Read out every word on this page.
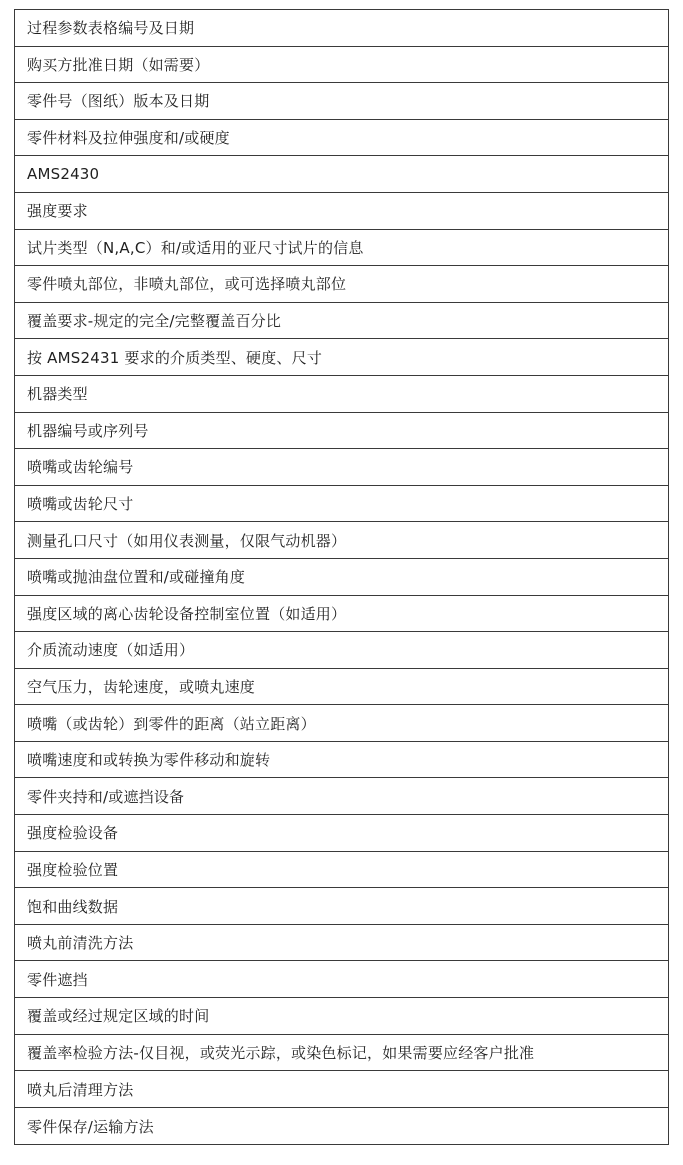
过程参数表格编号及日期
购买方批准日期（如需要）
零件号（图纸）版本及日期
零件材料及拉伸强度和/或硬度
AMS2430
强度要求
试片类型（N,A,C）和/或适用的亚尺寸试片的信息
零件喷丸部位，非喷丸部位，或可选择喷丸部位
覆盖要求-规定的完全/完整覆盖百分比
按 AMS2431 要求的介质类型、硬度、尺寸
机器类型
机器编号或序列号
喷嘴或齿轮编号
喷嘴或齿轮尺寸
测量孔口尺寸（如用仪表测量，仅限气动机器）
喷嘴或抛油盘位置和/或碰撞角度
强度区域的离心齿轮设备控制室位置（如适用）
介质流动速度（如适用）
空气压力，齿轮速度，或喷丸速度
喷嘴（或齿轮）到零件的距离（站立距离）
喷嘴速度和或转换为零件移动和旋转
零件夹持和/或遮挡设备
强度检验设备
强度检验位置
饱和曲线数据
喷丸前清洗方法
零件遮挡
覆盖或经过规定区域的时间
覆盖率检验方法-仅目视，或荧光示踪，或染色标记，如果需要应经客户批准
喷丸后清理方法
零件保存/运输方法
